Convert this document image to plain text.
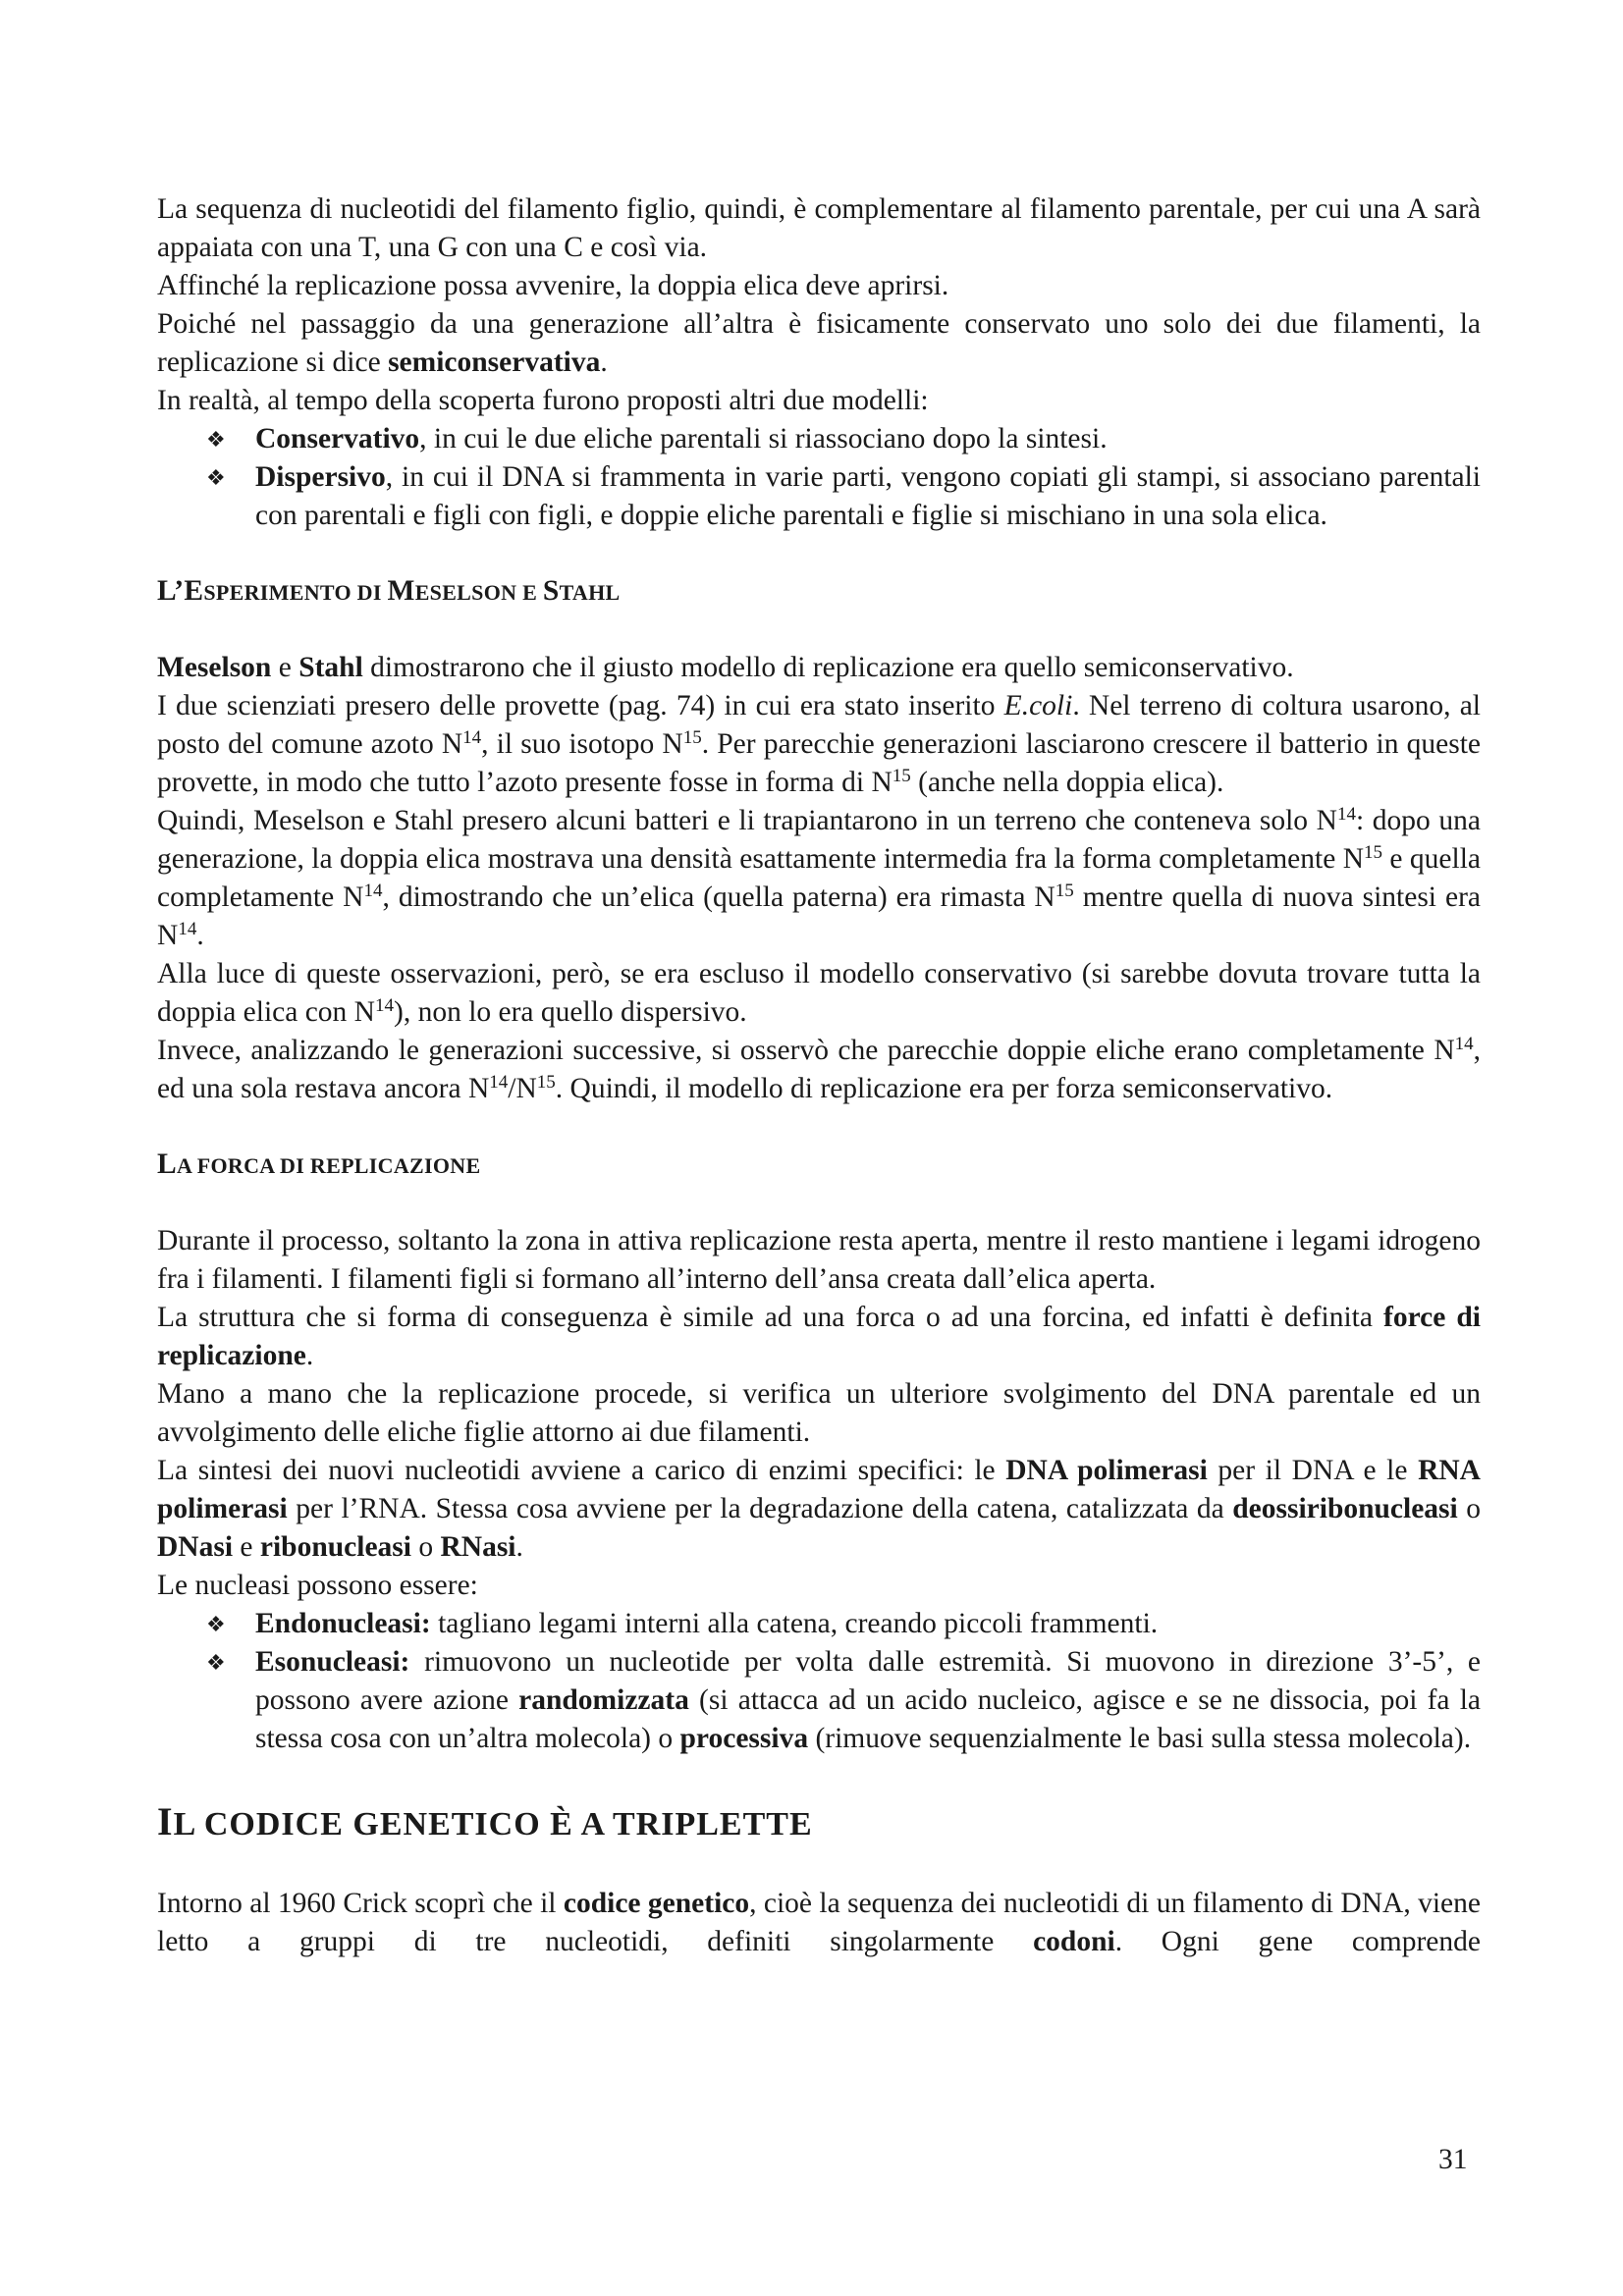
La sequenza di nucleotidi del filamento figlio, quindi, è complementare al filamento parentale, per cui una A sarà appaiata con una T, una G con una C e così via.

Affinché la replicazione possa avvenire, la doppia elica deve aprirsi.

Poiché nel passaggio da una generazione all’altra è fisicamente conservato uno solo dei due filamenti, la replicazione si dice semiconservativa.

In realtà, al tempo della scoperta furono proposti altri due modelli:

❖ Conservativo, in cui le due eliche parentali si riassociano dopo la sintesi.
❖ Dispersivo, in cui il DNA si frammenta in varie parti, vengono copiati gli stampi, si associano parentali con parentali e figli con figli, e doppie eliche parentali e figlie si mischiano in una sola elica.
L’ESPERIMENTO DI MESELSON E STAHL

Meselson e Stahl dimostrarono che il giusto modello di replicazione era quello semiconservativo.

I due scienziati presero delle provette (pag. 74) in cui era stato inserito E.coli. Nel terreno di coltura usarono, al posto del comune azoto $N^{14}$, il suo isotopo $N^{15}$. Per parecchie generazioni lasciarono crescere il batterio in queste provette, in modo che tutto l’azoto presente fosse in forma di $N^{15}$ (anche nella doppia elica).

Quindi, Meselson e Stahl presero alcuni batteri e li trapiantarono in un terreno che conteneva solo $N^{14}$: dopo una generazione, la doppia elica mostrava una densità esattamente intermedia fra la forma completamente $N^{15}$ e quella completamente $N^{14}$, dimostrando che un’elica (quella paterna) era rimasta $N^{15}$ mentre quella di nuova sintesi era $N^{14}$.

Alla luce di queste osservazioni, però, se era escluso il modello conservativo (si sarebbe dovuta trovare tutta la doppia elica con $N^{14}$), non lo era quello dispersivo.

Invece, analizzando le generazioni successive, si osservò che parecchie doppie eliche erano completamente $N^{14}$, ed una sola restava ancora $N^{14}/N^{15}$. Quindi, il modello di replicazione era per forza semiconservativo.

LA FORCA DI REPLICAZIONE

Durante il processo, soltanto la zona in attiva replicazione resta aperta, mentre il resto mantiene i legami idrogeno fra i filamenti. I filamenti figli si formano all’interno dell’ansa creata dall’elica aperta.

La struttura che si forma di conseguenza è simile ad una forca o ad una forcina, ed infatti è definita force di replicazione.

Mano a mano che la replicazione procede, si verifica un ulteriore svolgimento del DNA parentale ed un avvolgimento delle eliche figlie attorno ai due filamenti.

La sintesi dei nuovi nucleotidi avviene a carico di enzimi specifici: le DNA polimerasi per il DNA e le RNA polimerasi per l’RNA. Stessa cosa avviene per la degradazione della catena, catalizzata da deossiribonucleasi o DNasi e ribonucleasi o RNasi.

Le nucleasi possono essere:

❖ Endonucleasi: tagliano legami interni alla catena, creando piccoli frammenti.
❖ Esonucleasi: rimuovono un nucleotide per volta dalle estremità. Si muovono in direzione 3’-5’, e possono avere azione randomizzata (si attacca ad un acido nucleico, agisce e se ne dissocia, poi fa la stessa cosa con un’altra molecola) o processiva (rimuove sequenzialmente le basi sulla stessa molecola).
IL CODICE GENETICO È A TRIPLETTE

Intorno al 1960 Crick scoprì che il codice genetico, cioè la sequenza dei nucleotidi di un filamento di DNA, viene letto a gruppi di tre nucleotidi, definiti singolarmente codoni. Ogni gene comprende

31
